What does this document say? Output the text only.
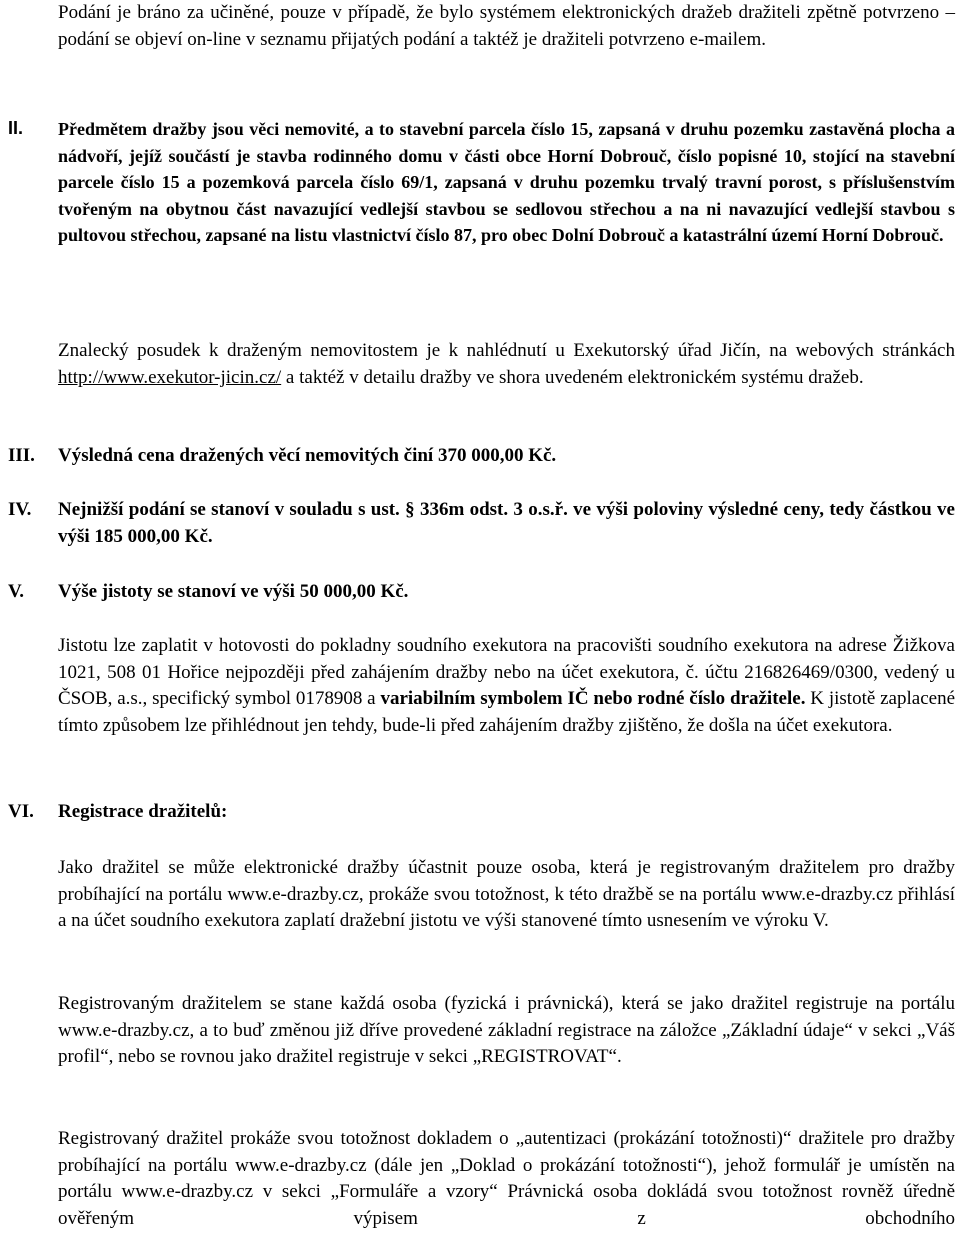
Podání je bráno za učiněné, pouze v případě, že bylo systémem elektronických dražeb dražiteli zpětně potvrzeno – podání se objeví on-line v seznamu přijatých podání a taktéž je dražiteli potvrzeno e-mailem.

II. Předmětem dražby jsou věci nemovité, a to stavební parcela číslo 15, zapsaná v druhu pozemku zastavěná plocha a nádvoří, jejíž součástí je stavba rodinného domu v části obce Horní Dobrouč, číslo popisné 10, stojící na stavební parcele číslo 15 a pozemková parcela číslo 69/1, zapsaná v druhu pozemku trvalý travní porost, s příslušenstvím tvořeným na obytnou část navazující vedlejší stavbou se sedlovou střechou a na ni navazující vedlejší stavbou s pultovou střechou, zapsané na listu vlastnictví číslo 87, pro obec Dolní Dobrouč a katastrální území Horní Dobrouč.

Znalecký posudek k draženým nemovitostem je k nahlédnutí u Exekutorský úřad Jičín, na webových stránkách http://www.exekutor-jicin.cz/ a taktéž v detailu dražby ve shora uvedeném elektronickém systému dražeb.

III. Výsledná cena dražených věcí nemovitých činí 370 000,00 Kč.

IV. Nejnižší podání se stanoví v souladu s ust. § 336m odst. 3 o.s.ř. ve výši poloviny výsledné ceny, tedy částkou ve výši 185 000,00 Kč.

V. Výše jistoty se stanoví ve výši 50 000,00 Kč.

Jistotu lze zaplatit v hotovosti do pokladny soudního exekutora na pracovišti soudního exekutora na adrese Žižkova 1021, 508 01 Hořice nejpozději před zahájením dražby nebo na účet exekutora, č. účtu 216826469/0300, vedený u ČSOB, a.s., specifický symbol 0178908 a variabilním symbolem IČ nebo rodné číslo dražitele. K jistotě zaplacené tímto způsobem lze přihlédnout jen tehdy, bude-li před zahájením dražby zjištěno, že došla na účet exekutora.

VI. Registrace dražitelů:

Jako dražitel se může elektronické dražby účastnit pouze osoba, která je registrovaným dražitelem pro dražby probíhající na portálu www.e-drazby.cz, prokáže svou totožnost, k této dražbě se na portálu www.e-drazby.cz přihlásí a na účet soudního exekutora zaplatí dražební jistotu ve výši stanovené tímto usnesením ve výroku V.

Registrovaným dražitelem se stane každá osoba (fyzická i právnická), která se jako dražitel registruje na portálu www.e-drazby.cz, a to buď změnou již dříve provedené základní registrace na záložce „Základní údaje“ v sekci „Váš profil“, nebo se rovnou jako dražitel registruje v sekci „REGISTROVAT“.

Registrovaný dražitel prokáže svou totožnost dokladem o „autentizaci (prokázání totožnosti)“ dražitele pro dražby probíhající na portálu www.e-drazby.cz (dále jen „Doklad o prokázání totožnosti“), jehož formulář je umístěn na portálu www.e-drazby.cz v sekci „Formuláře a vzory“ Právnická osoba dokládá svou totožnost rovněž úředně ověřeným výpisem z obchodního
